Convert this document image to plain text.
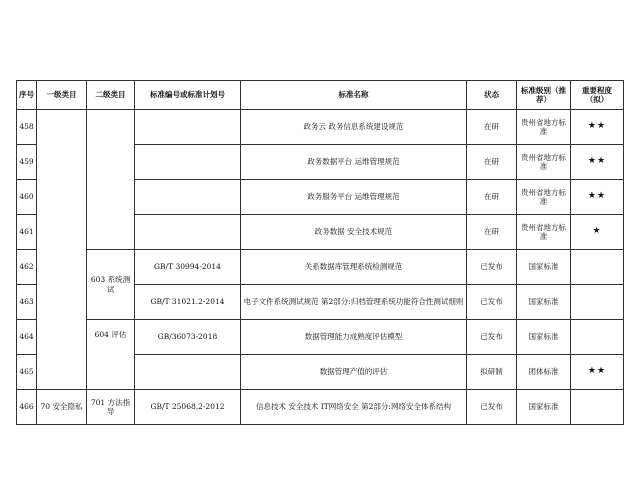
序号	一级类目	二级类目	标准编号或标准计划号	标准名称	状态	标准级别（推荐）	重要程度（拟）
458				政务云 政务信息系统建设规范	在研	贵州省地方标准	★★
459				政务数据平台 运维管理规范	在研	贵州省地方标准	★★
460				政务服务平台 运维管理规范	在研	贵州省地方标准	★★
461				政务数据 安全技术规范	在研	贵州省地方标准	★
462		603 系统测试	GB/T 30994-2014	关系数据库管理系统检测规范	已发布	国家标准	
463			GB/T 31021.2-2014	电子文件系统测试规范 第2部分:归档管理系统功能符合性测试细则	已发布	国家标准	
464		604 评估	GB/36073-2018	数据管理能力成熟度评估模型	已发布	国家标准	
465				数据管理产值的评估	拟研制	团体标准	★★
466	70 安全隐私	701 方法指导	GB/T 25068.2-2012	信息技术 安全技术 IT网络安全 第2部分:网络安全体系结构	已发布	国家标准	
